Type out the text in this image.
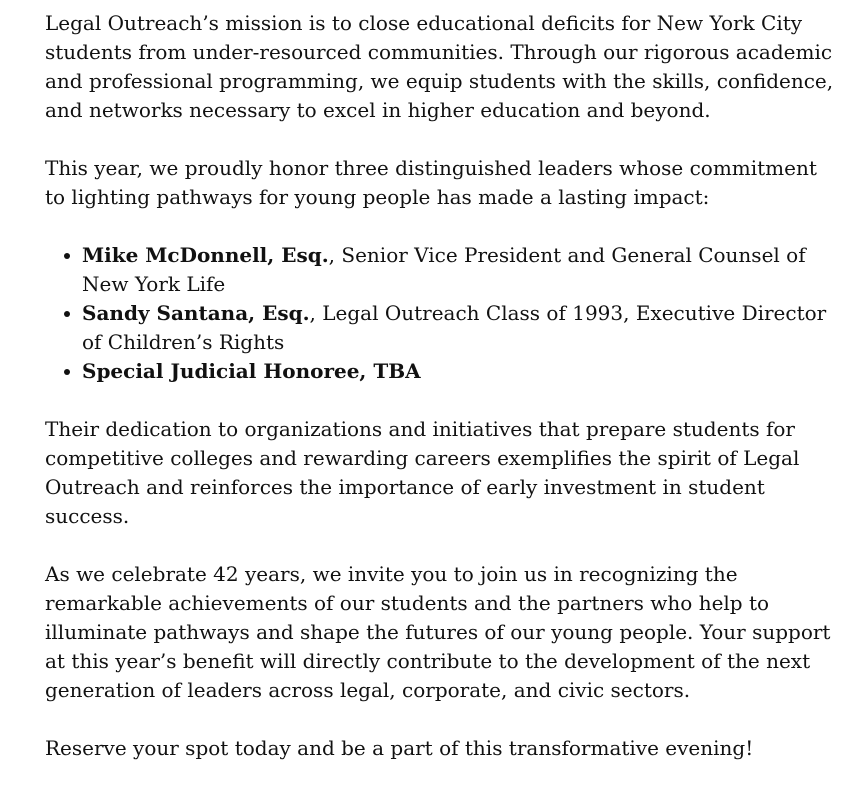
Legal Outreach’s mission is to close educational deficits for New York City students from under-resourced communities. Through our rigorous academic and professional programming, we equip students with the skills, confidence, and networks necessary to excel in higher education and beyond.

This year, we proudly honor three distinguished leaders whose commitment to lighting pathways for young people has made a lasting impact:

Mike McDonnell, Esq., Senior Vice President and General Counsel of New York Life
Sandy Santana, Esq., Legal Outreach Class of 1993, Executive Director of Children’s Rights
Special Judicial Honoree, TBA

Their dedication to organizations and initiatives that prepare students for competitive colleges and rewarding careers exemplifies the spirit of Legal Outreach and reinforces the importance of early investment in student success.

As we celebrate 42 years, we invite you to join us in recognizing the remarkable achievements of our students and the partners who help to illuminate pathways and shape the futures of our young people. Your support at this year’s benefit will directly contribute to the development of the next generation of leaders across legal, corporate, and civic sectors.

Reserve your spot today and be a part of this transformative evening!
